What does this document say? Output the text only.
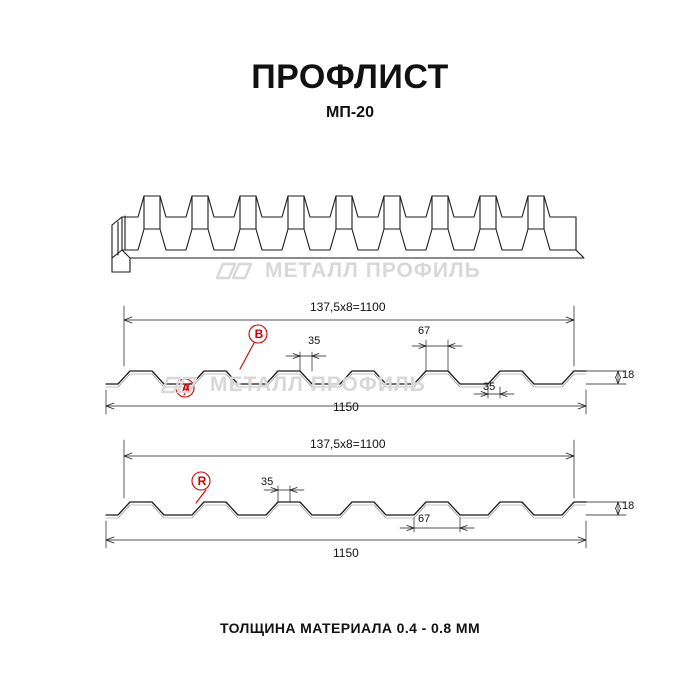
ПРОФЛИСТ
МП-20
137,5х8=1100
1150
35
67
35
18
A
B
137,5х8=1100
1150
35
67
18
R
МЕТАЛЛ ПРОФИЛЬ
МЕТАЛЛ ПРОФИЛЬ
ТОЛЩИНА МАТЕРИАЛА 0.4 - 0.8 ММ
